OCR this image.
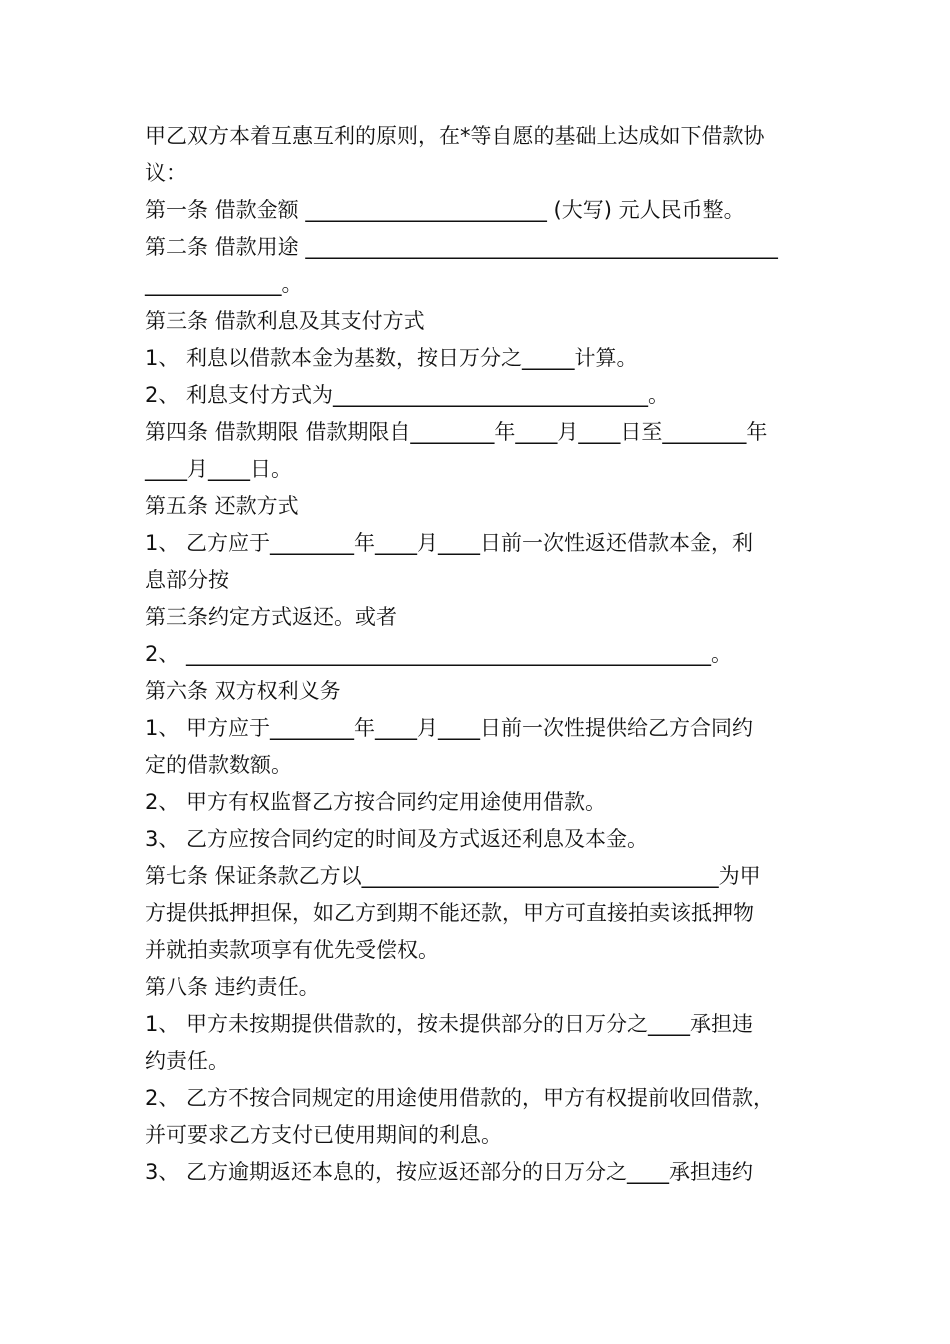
甲乙双方本着互惠互利的原则，在*等自愿的基础上达成如下借款协
议：
第一条 借款金额 _______________________ (大写) 元人民币整。
第二条 借款用途 _____________________________________________
_____________。
第三条 借款利息及其支付方式
1、 利息以借款本金为基数，按日万分之_____计算。
2、 利息支付方式为______________________________。
第四条 借款期限 借款期限自________年____月____日至________年
____月____日。
第五条 还款方式
1、 乙方应于________年____月____日前一次性返还借款本金，利
息部分按
第三条约定方式返还。或者
2、 __________________________________________________。
第六条 双方权利义务
1、 甲方应于________年____月____日前一次性提供给乙方合同约
定的借款数额。
2、 甲方有权监督乙方按合同约定用途使用借款。
3、 乙方应按合同约定的时间及方式返还利息及本金。
第七条 保证条款乙方以__________________________________为甲
方提供抵押担保，如乙方到期不能还款，甲方可直接拍卖该抵押物
并就拍卖款项享有优先受偿权。
第八条 违约责任。
1、 甲方未按期提供借款的，按未提供部分的日万分之____承担违
约责任。
2、 乙方不按合同规定的用途使用借款的，甲方有权提前收回借款，
并可要求乙方支付已使用期间的利息。
3、 乙方逾期返还本息的，按应返还部分的日万分之____承担违约
